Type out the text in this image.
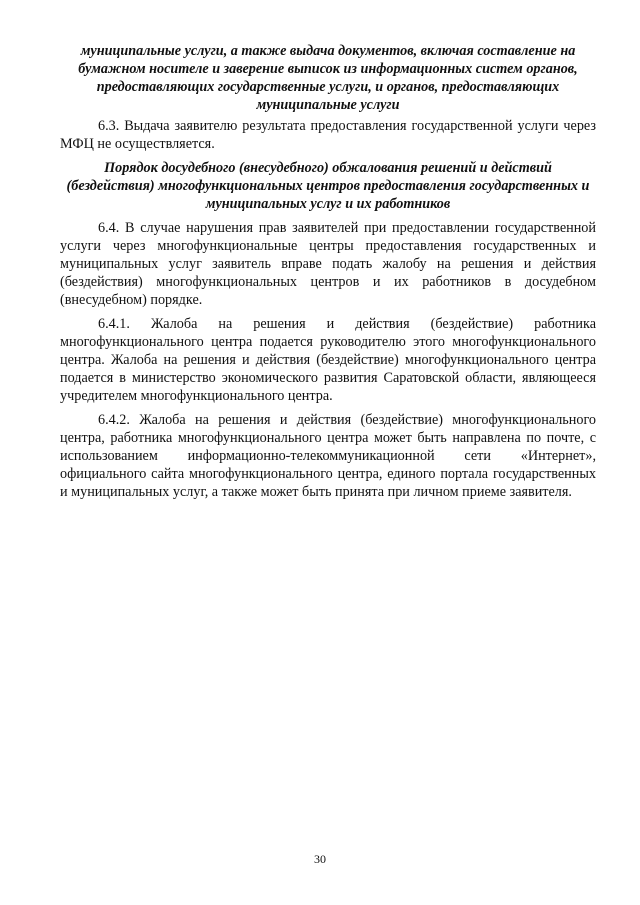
муниципальные услуги, а также выдача документов, включая составление на бумажном носителе и заверение выписок из информационных систем органов, предоставляющих государственные услуги, и органов, предоставляющих муниципальные услуги

6.3. Выдача заявителю результата предоставления государственной услуги через МФЦ не осуществляется.

Порядок досудебного (внесудебного) обжалования решений и действий (бездействия) многофункциональных центров предоставления государственных и муниципальных услуг и их работников

6.4. В случае нарушения прав заявителей при предоставлении государственной услуги через многофункциональные центры предоставления государственных и муниципальных услуг заявитель вправе подать жалобу на решения и действия (бездействия) многофункциональных центров и их работников в досудебном (внесудебном) порядке.

6.4.1. Жалоба на решения и действия (бездействие) работника многофункционального центра подается руководителю этого многофункционального центра. Жалоба на решения и действия (бездействие) многофункционального центра подается в министерство экономического развития Саратовской области, являющееся учредителем многофункционального центра.

6.4.2. Жалоба на решения и действия (бездействие) многофункционального центра, работника многофункционального центра может быть направлена по почте, с использованием информационно-телекоммуникационной сети «Интернет», официального сайта многофункционального центра, единого портала государственных и муниципальных услуг, а также может быть принята при личном приеме заявителя.

30
